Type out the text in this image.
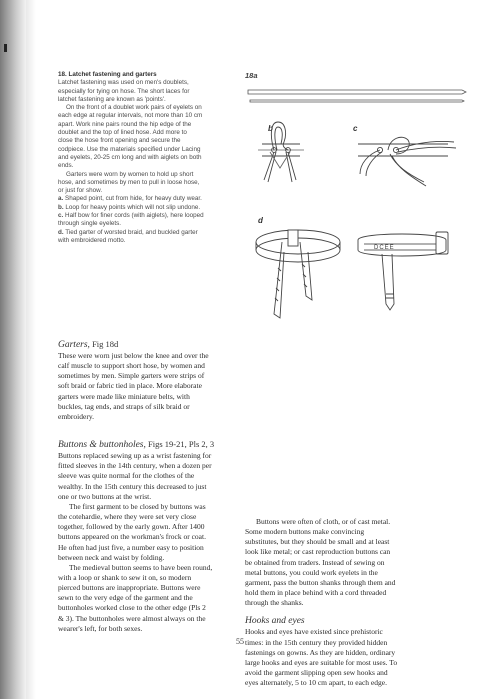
18. Latchet fastening and garters

Latchet fastening was used on men's doublets,

especially for tying on hose. The short laces for

latchet fastening are known as 'points'.

On the front of a doublet work pairs of eyelets on

each edge at regular intervals, not more than 10 cm

apart. Work nine pairs round the hip edge of the

doublet and the top of lined hose. Add more to

close the hose front opening and secure the

codpiece. Use the materials specified under Lacing

and eyelets, 20-25 cm long and with aiglets on both

ends.

Garters were worn by women to hold up short

hose, and sometimes by men to pull in loose hose,

or just for show.

a. Shaped point, cut from hide, for heavy duty wear.

b. Loop for heavy points which will not slip undone.

c. Half bow for finer cords (with aiglets), here looped

through single eyelets.

d. Tied garter of worsted braid, and buckled garter

with embroidered motto.

18a
b	c
d
DCEE

Garters, Fig 18d

These were worn just below the knee and over the

calf muscle to support short hose, by women and

sometimes by men. Simple garters were strips of

soft braid or fabric tied in place. More elaborate

garters were made like miniature belts, with

buckles, tag ends, and straps of silk braid or

embroidery.

Buttons & buttonholes, Figs 19-21, Pls 2, 3

Buttons replaced sewing up as a wrist fastening for

fitted sleeves in the 14th century, when a dozen per

sleeve was quite normal for the clothes of the

wealthy. In the 15th century this decreased to just

one or two buttons at the wrist.

The first garment to be closed by buttons was

the cotehardie, where they were set very close

together, followed by the early gown. After 1400

buttons appeared on the workman's frock or coat.

He often had just five, a number easy to position

between neck and waist by folding.

The medieval button seems to have been round,

with a loop or shank to sew it on, so modern

pierced buttons are inappropriate. Buttons were

sewn to the very edge of the garment and the

buttonholes worked close to the other edge (Pls 2

& 3). The buttonholes were almost always on the

wearer's left, for both sexes.

Buttons were often of cloth, or of cast metal.

Some modern buttons make convincing

substitutes, but they should be small and at least

look like metal; or cast reproduction buttons can

be obtained from traders. Instead of sewing on

metal buttons, you could work eyelets in the

garment, pass the button shanks through them and

hold them in place behind with a cord threaded

through the shanks.

Hooks and eyes

Hooks and eyes have existed since prehistoric

times: in the 15th century they provided hidden

fastenings on gowns. As they are hidden, ordinary

large hooks and eyes are suitable for most uses. To

avoid the garment slipping open sew hooks and

eyes alternately, 5 to 10 cm apart, to each edge.

55
